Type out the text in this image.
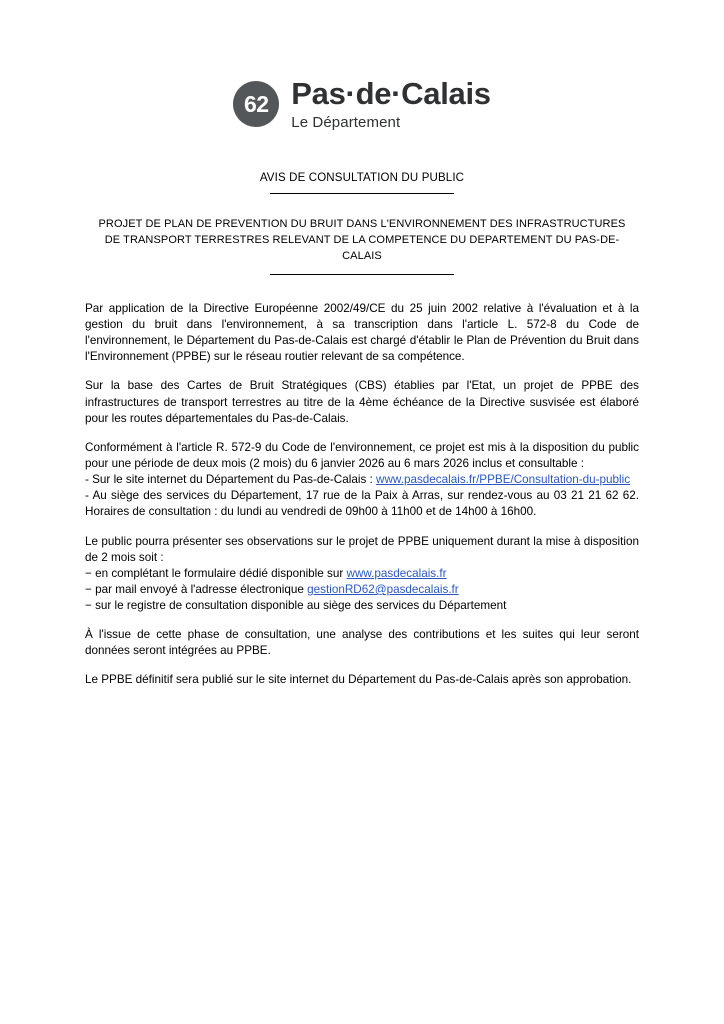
62 Pas·de·Calais
Le Département
AVIS DE CONSULTATION DU PUBLIC
PROJET DE PLAN DE PREVENTION DU BRUIT DANS L'ENVIRONNEMENT DES INFRASTRUCTURES
DE TRANSPORT TERRESTRES RELEVANT DE LA COMPETENCE DU DEPARTEMENT DU PAS-DE-CALAIS

Par application de la Directive Européenne 2002/49/CE du 25 juin 2002 relative à l'évaluation et à la gestion du bruit dans l'environnement, à sa transcription dans l'article L. 572-8 du Code de l'environnement, le Département du Pas-de-Calais est chargé d'établir le Plan de Prévention du Bruit dans l'Environnement (PPBE) sur le réseau routier relevant de sa compétence.

Sur la base des Cartes de Bruit Stratégiques (CBS) établies par l'Etat, un projet de PPBE des infrastructures de transport terrestres au titre de la 4ème échéance de la Directive susvisée est élaboré pour les routes départementales du Pas-de-Calais.

Conformément à l'article R. 572-9 du Code de l'environnement, ce projet est mis à la disposition du public pour une période de deux mois (2 mois) du 6 janvier 2026 au 6 mars 2026 inclus et consultable :

- Sur le site internet du Département du Pas-de-Calais : www.pasdecalais.fr/PPBE/Consultation-du-public

- Au siège des services du Département, 17 rue de la Paix à Arras, sur rendez-vous au 03 21 21 62 62. Horaires de consultation : du lundi au vendredi de 09h00 à 11h00 et de 14h00 à 16h00.

Le public pourra présenter ses observations sur le projet de PPBE uniquement durant la mise à disposition de 2 mois soit :

− en complétant le formulaire dédié disponible sur www.pasdecalais.fr

− par mail envoyé à l'adresse électronique gestionRD62@pasdecalais.fr

− sur le registre de consultation disponible au siège des services du Département

À l'issue de cette phase de consultation, une analyse des contributions et les suites qui leur seront données seront intégrées au PPBE.

Le PPBE définitif sera publié sur le site internet du Département du Pas-de-Calais après son approbation.
